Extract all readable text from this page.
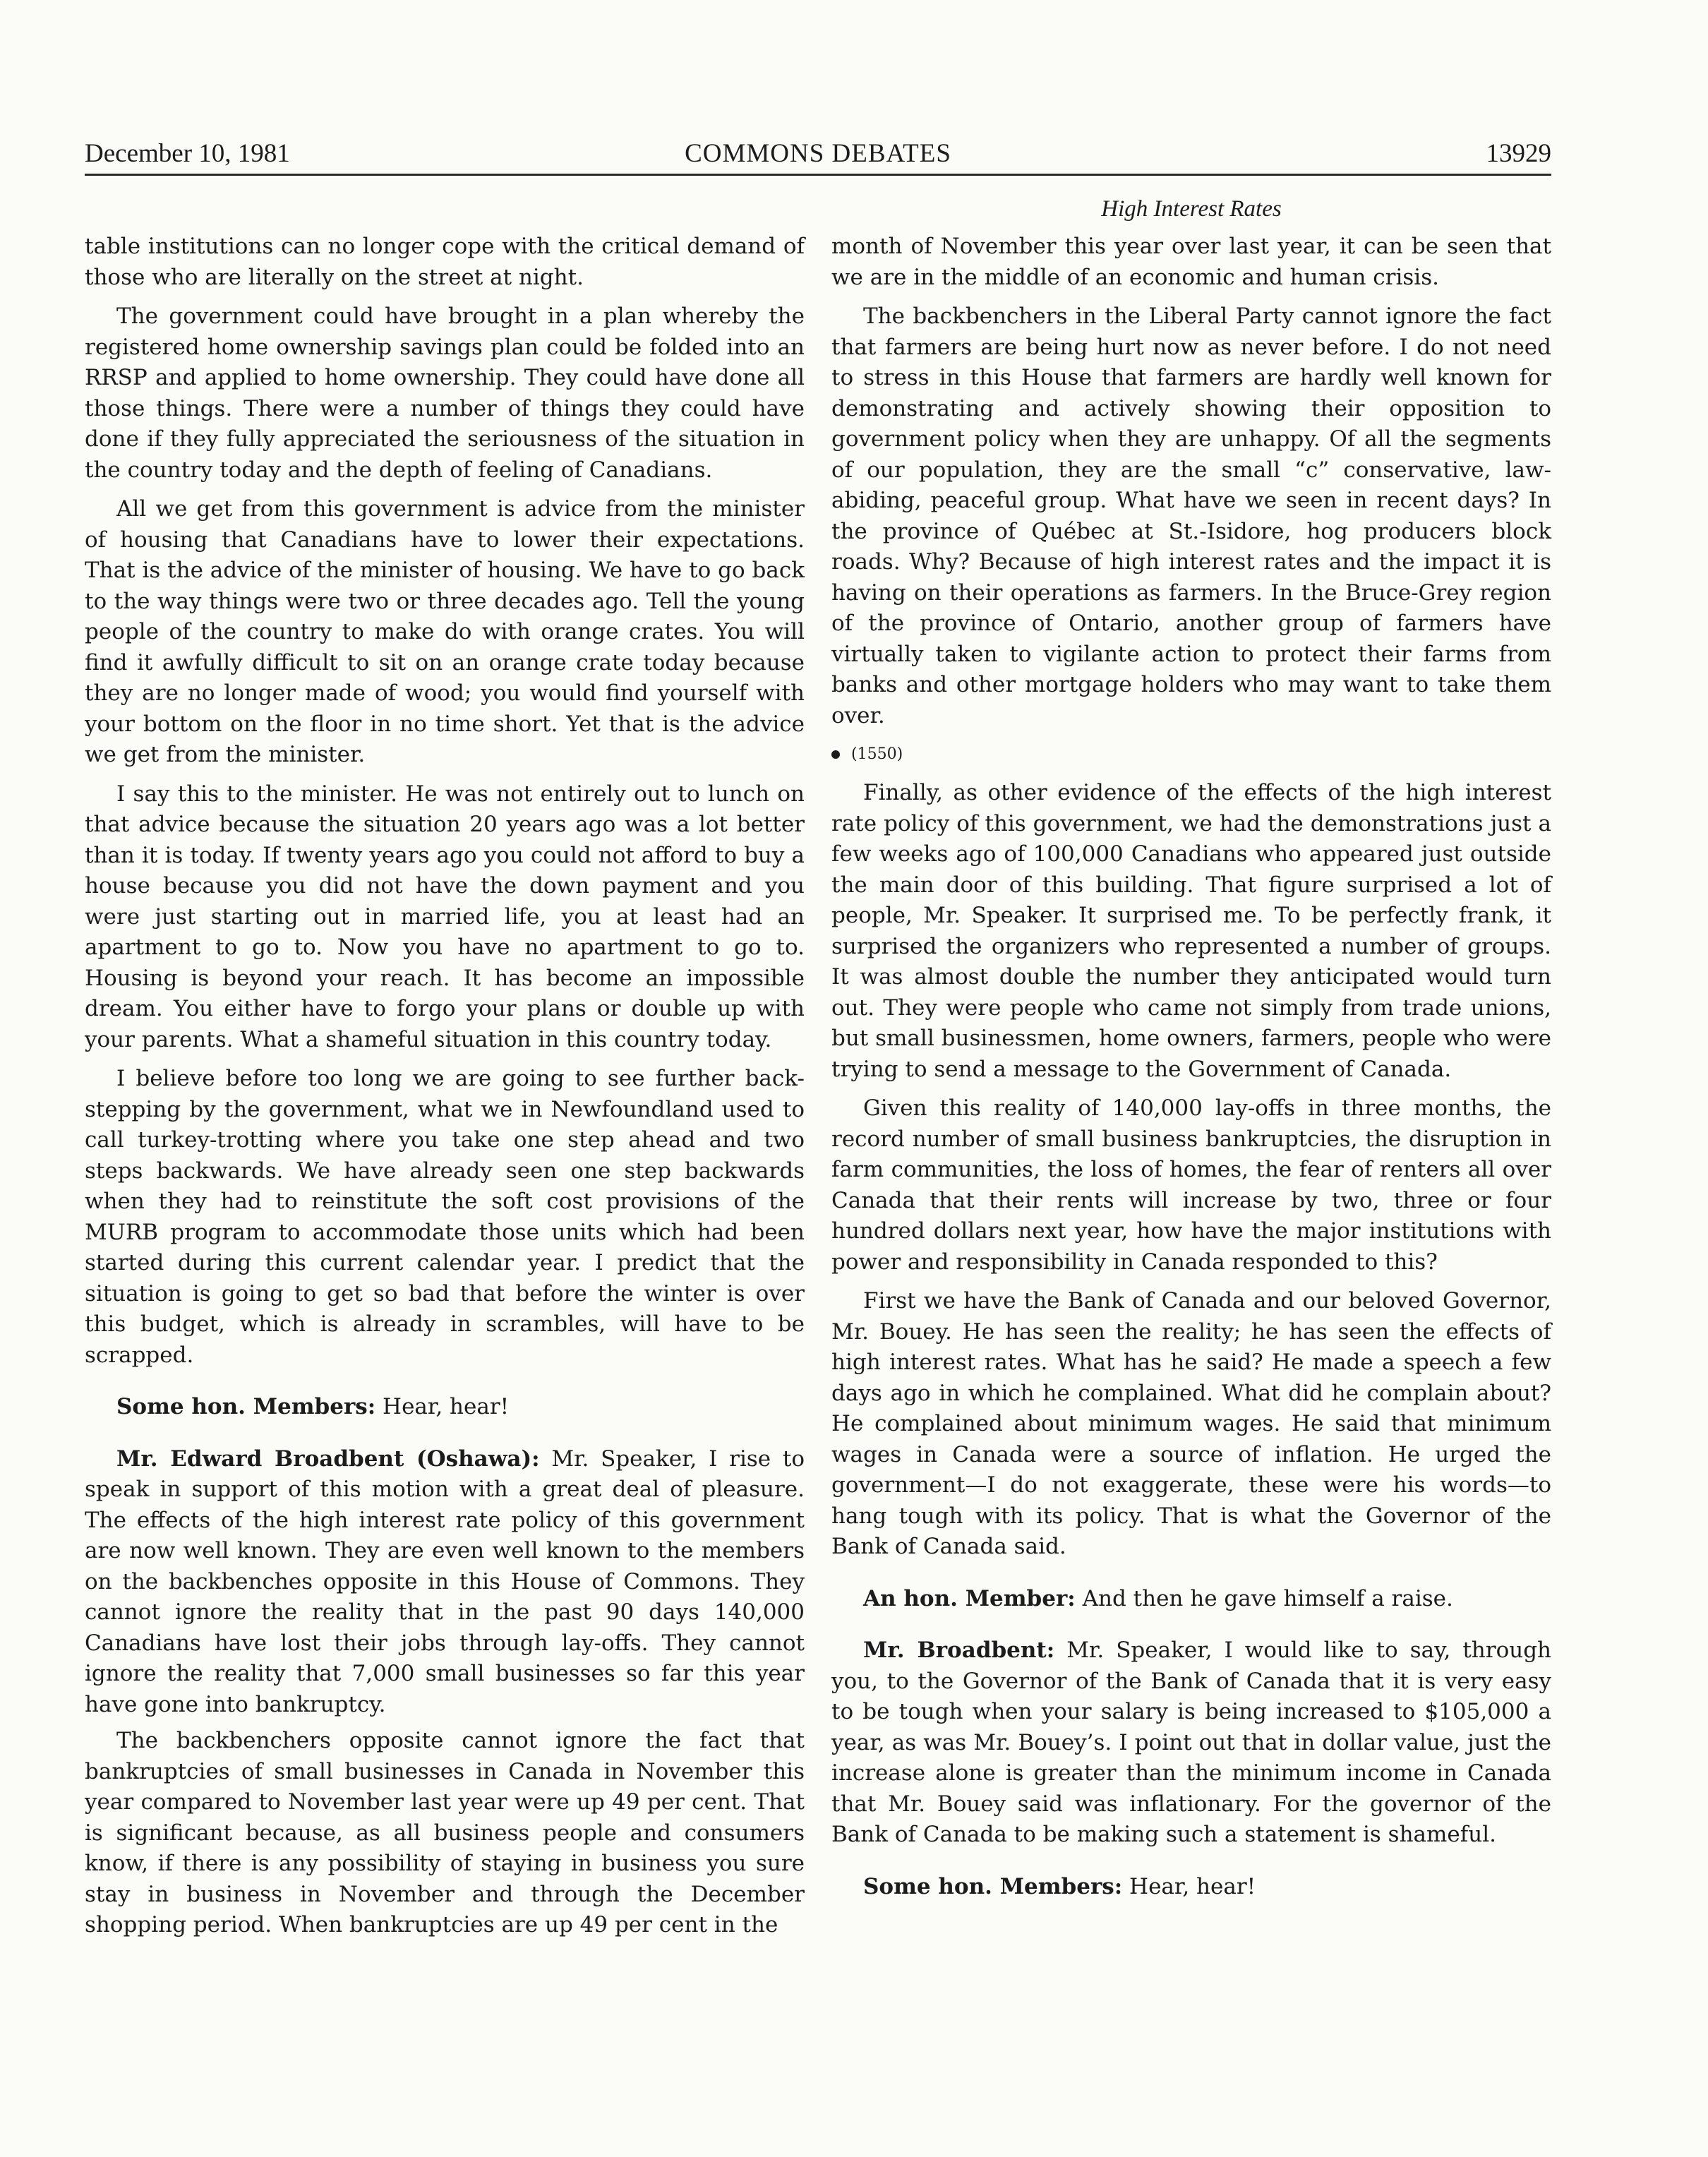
December 10, 1981	COMMONS DEBATES	13929
High Interest Rates

table institutions can no longer cope with the critical demand of those who are literally on the street at night.

The government could have brought in a plan whereby the registered home ownership savings plan could be folded into an RRSP and applied to home ownership. They could have done all those things. There were a number of things they could have done if they fully appreciated the seriousness of the situation in the country today and the depth of feeling of Canadians.

All we get from this government is advice from the minister of housing that Canadians have to lower their expectations. That is the advice of the minister of housing. We have to go back to the way things were two or three decades ago. Tell the young people of the country to make do with orange crates. You will find it awfully difficult to sit on an orange crate today because they are no longer made of wood; you would find yourself with your bottom on the floor in no time short. Yet that is the advice we get from the minister.

I say this to the minister. He was not entirely out to lunch on that advice because the situation 20 years ago was a lot better than it is today. If twenty years ago you could not afford to buy a house because you did not have the down payment and you were just starting out in married life, you at least had an apartment to go to. Now you have no apartment to go to. Housing is beyond your reach. It has become an impossible dream. You either have to forgo your plans or double up with your parents. What a shameful situation in this country today.

I believe before too long we are going to see further back-stepping by the government, what we in Newfoundland used to call turkey-trotting where you take one step ahead and two steps backwards. We have already seen one step backwards when they had to reinstitute the soft cost provisions of the MURB program to accommodate those units which had been started during this current calendar year. I predict that the situation is going to get so bad that before the winter is over this budget, which is already in scrambles, will have to be scrapped.

Some hon. Members: Hear, hear!

Mr. Edward Broadbent (Oshawa): Mr. Speaker, I rise to speak in support of this motion with a great deal of pleasure. The effects of the high interest rate policy of this government are now well known. They are even well known to the members on the backbenches opposite in this House of Commons. They cannot ignore the reality that in the past 90 days 140,000 Canadians have lost their jobs through lay-offs. They cannot ignore the reality that 7,000 small businesses so far this year have gone into bankruptcy.

The backbenchers opposite cannot ignore the fact that bankruptcies of small businesses in Canada in November this year compared to November last year were up 49 per cent. That is significant because, as all business people and consumers know, if there is any possibility of staying in business you sure stay in business in November and through the December shopping period. When bankruptcies are up 49 per cent in the

month of November this year over last year, it can be seen that we are in the middle of an economic and human crisis.

The backbenchers in the Liberal Party cannot ignore the fact that farmers are being hurt now as never before. I do not need to stress in this House that farmers are hardly well known for demonstrating and actively showing their opposition to government policy when they are unhappy. Of all the segments of our population, they are the small “c” conservative, law-abiding, peaceful group. What have we seen in recent days? In the province of Québec at St.-Isidore, hog producers block roads. Why? Because of high interest rates and the impact it is having on their operations as farmers. In the Bruce-Grey region of the province of Ontario, another group of farmers have virtually taken to vigilante action to protect their farms from banks and other mortgage holders who may want to take them over.

(1550)

Finally, as other evidence of the effects of the high interest rate policy of this government, we had the demonstrations just a few weeks ago of 100,000 Canadians who appeared just outside the main door of this building. That figure surprised a lot of people, Mr. Speaker. It surprised me. To be perfectly frank, it surprised the organizers who represented a number of groups. It was almost double the number they anticipated would turn out. They were people who came not simply from trade unions, but small businessmen, home owners, farmers, people who were trying to send a message to the Government of Canada.

Given this reality of 140,000 lay-offs in three months, the record number of small business bankruptcies, the disruption in farm communities, the loss of homes, the fear of renters all over Canada that their rents will increase by two, three or four hundred dollars next year, how have the major institutions with power and responsibility in Canada responded to this?

First we have the Bank of Canada and our beloved Governor, Mr. Bouey. He has seen the reality; he has seen the effects of high interest rates. What has he said? He made a speech a few days ago in which he complained. What did he complain about? He complained about minimum wages. He said that minimum wages in Canada were a source of inflation. He urged the government—I do not exaggerate, these were his words—to hang tough with its policy. That is what the Governor of the Bank of Canada said.

An hon. Member: And then he gave himself a raise.

Mr. Broadbent: Mr. Speaker, I would like to say, through you, to the Governor of the Bank of Canada that it is very easy to be tough when your salary is being increased to $105,000 a year, as was Mr. Bouey’s. I point out that in dollar value, just the increase alone is greater than the minimum income in Canada that Mr. Bouey said was inflationary. For the governor of the Bank of Canada to be making such a statement is shameful.

Some hon. Members: Hear, hear!
